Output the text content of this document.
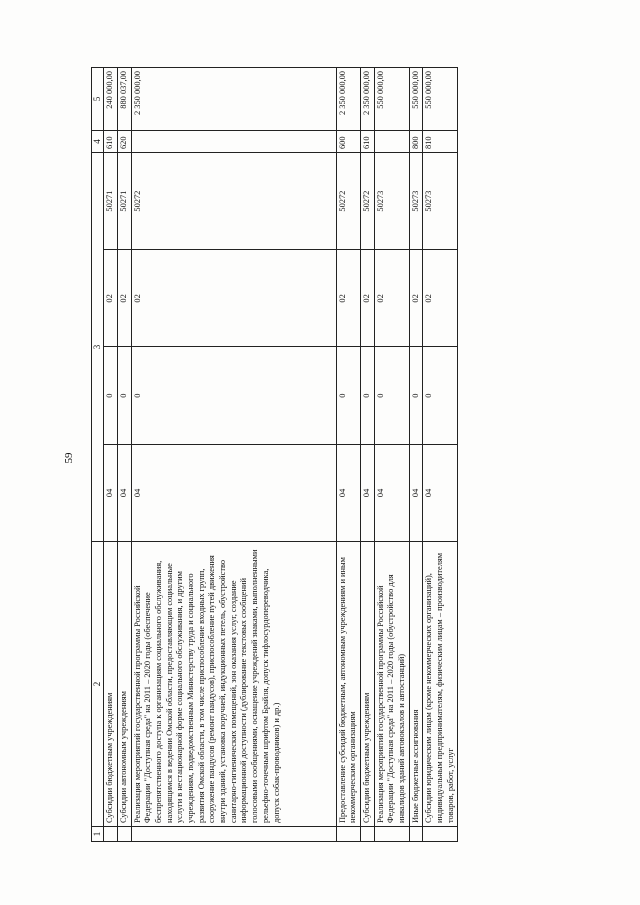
59
1	2	3				4	5
	Субсидии бюджетным учреждениям	04	0	02	50271	610	240 000,00
	Субсидии автономным учреждениям	04	0	02	50271	620	880 037,00
	Реализация мероприятий государственной программы Российской Федерации "Доступная среда" на 2011 – 2020 годы (обеспечение беспрепятственного доступа к организациям социального обслуживания, находящимся в ведении Омской области, предоставляющим социальные услуги в нестационарной форме социального обслуживания, и другим учреждениям, подведомственным Министерству труда и социального развития Омской области, в том числе приспособление входных групп, сооружение пандусов (ремонт пандусов), приспособление путей движения внутри зданий, установка поручней, индукционных петель, обустройство санитарно-гигиенических помещений, зон оказания услуг, создание информационной доступности (дублирование текстовых сообщений голосовыми сообщениями, оснащение учреждений знаками, выполненными рельефно-точечным шрифтом Брайля, допуск тифлосурдопереводчика, допуск собак-проводников) и др.)	04	0	02	50272		2 350 000,00
	Предоставление субсидий бюджетным, автономным учреждениям и иным некоммерческим организациям	04	0	02	50272	600	2 350 000,00
	Субсидии бюджетным учреждениям	04	0	02	50272	610	2 350 000,00
	Реализация мероприятий государственной программы Российской Федерации "Доступная среда" на 2011 – 2020 годы (обустройство для инвалидов зданий автовокзалов и автостанций)	04	0	02	50273		550 000,00
	Иные бюджетные ассигнования	04	0	02	50273	800	550 000,00
	Субсидии юридическим лицам (кроме некоммерческих организаций), индивидуальным предпринимателям, физическим лицам – производителям товаров, работ, услуг	04	0	02	50273	810	550 000,00
